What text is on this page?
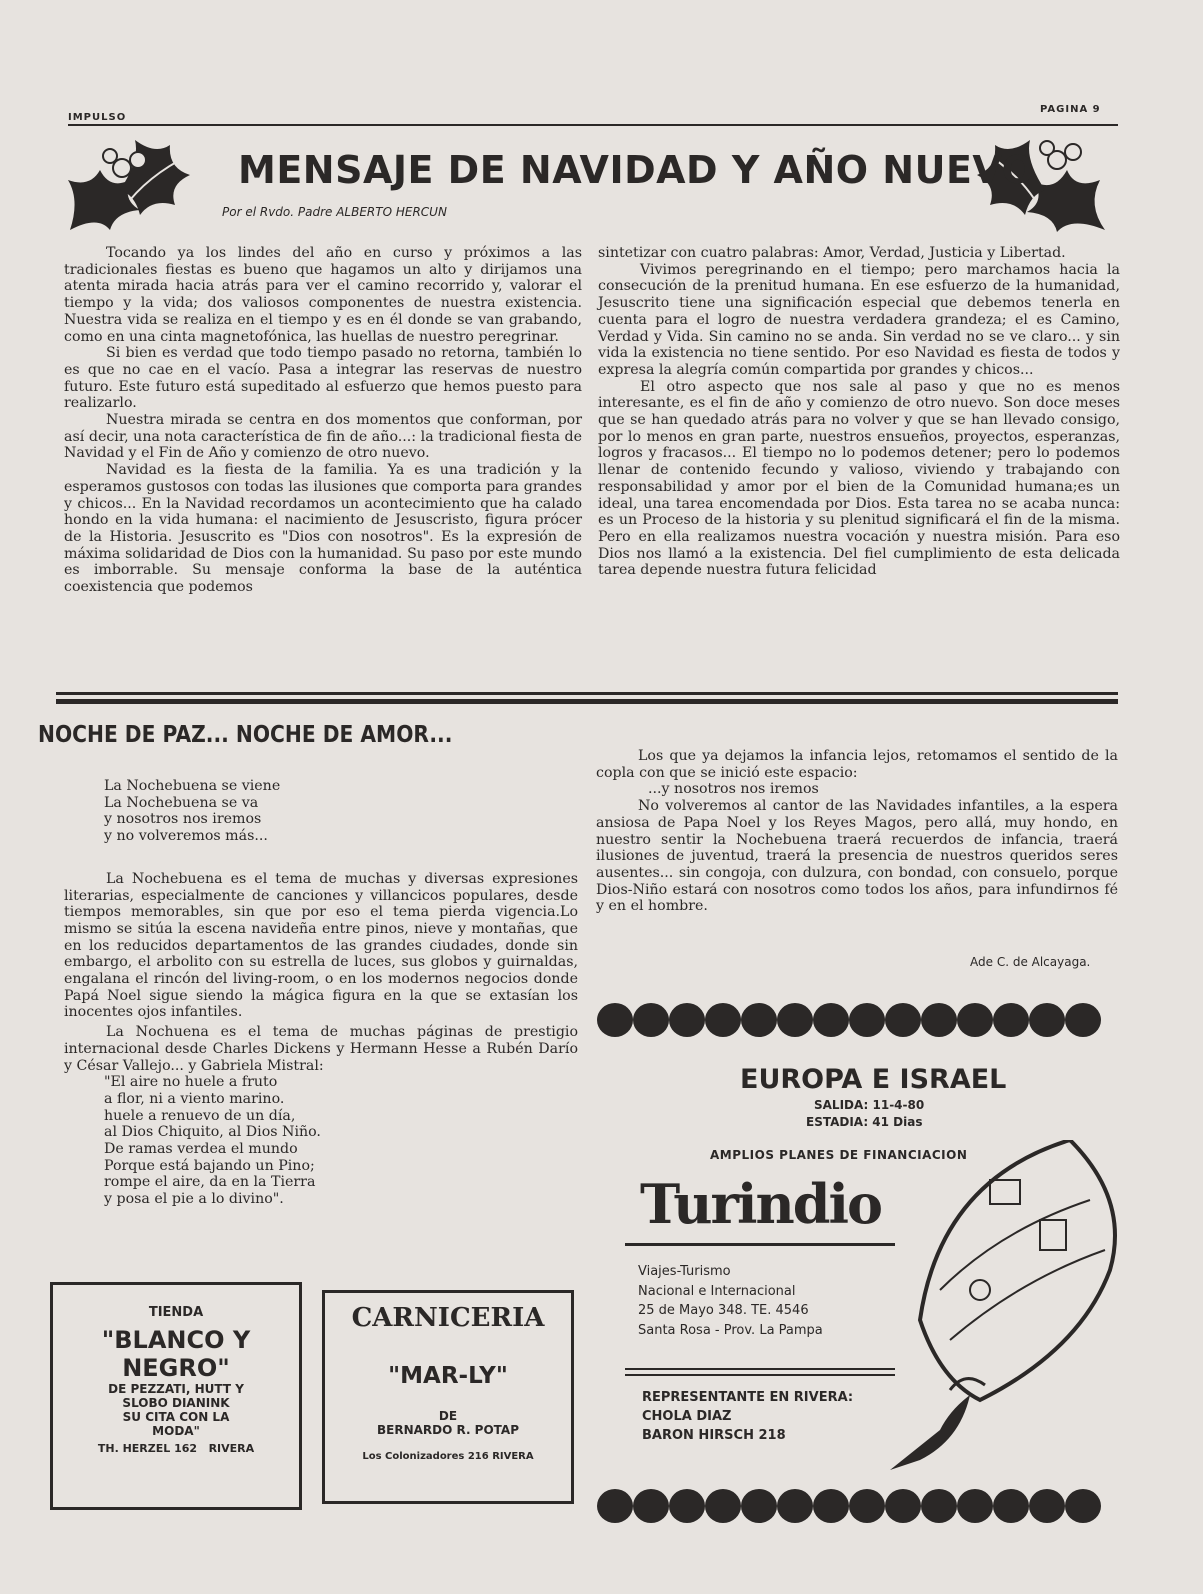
IMPULSO
PAGINA 9
MENSAJE DE NAVIDAD Y AÑO NUEVO
Por el Rvdo. Padre ALBERTO HERCUN

Tocando ya los lindes del año en curso y próximos a las tradicionales fiestas es bueno que hagamos un alto y dirijamos una atenta mirada hacia atrás para ver el camino recorrido y, valorar el tiempo y la vida; dos valiosos componentes de nuestra existencia. Nuestra vida se realiza en el tiempo y es en él donde se van grabando, como en una cinta magnetofónica, las huellas de nuestro peregrinar.

Si bien es verdad que todo tiempo pasado no retorna, también lo es que no cae en el vacío. Pasa a integrar las reservas de nuestro futuro. Este futuro está supeditado al esfuerzo que hemos puesto para realizarlo.

Nuestra mirada se centra en dos momentos que conforman, por así decir, una nota característica de fin de año...: la tradicional fiesta de Navidad y el Fin de Año y comienzo de otro nuevo.

Navidad es la fiesta de la familia. Ya es una tradición y la esperamos gustosos con todas las ilusiones que comporta para grandes y chicos... En la Navidad recordamos un acontecimiento que ha calado hondo en la vida humana: el nacimiento de Jesuscristo, figura prócer de la Historia. Jesuscrito es "Dios con nosotros". Es la expresión de máxima solidaridad de Dios con la humanidad. Su paso por este mundo es imborrable. Su mensaje conforma la base de la auténtica coexistencia que podemos

sintetizar con cuatro palabras: Amor, Verdad, Justicia y Libertad.

Vivimos peregrinando en el tiempo; pero marchamos hacia la consecución de la prenitud humana. En ese esfuerzo de la humanidad, Jesuscrito tiene una significación especial que debemos tenerla en cuenta para el logro de nuestra verdadera grandeza; el es Camino, Verdad y Vida. Sin camino no se anda. Sin verdad no se ve claro... y sin vida la existencia no tiene sentido. Por eso Navidad es fiesta de todos y expresa la alegría común compartida por grandes y chicos...

El otro aspecto que nos sale al paso y que no es menos interesante, es el fin de año y comienzo de otro nuevo. Son doce meses que se han quedado atrás para no volver y que se han llevado consigo, por lo menos en gran parte, nuestros ensueños, proyectos, esperanzas, logros y fracasos... El tiempo no lo podemos detener; pero lo podemos llenar de contenido fecundo y valioso, viviendo y trabajando con responsabilidad y amor por el bien de la Comunidad humana;es un ideal, una tarea encomendada por Dios. Esta tarea no se acaba nunca: es un Proceso de la historia y su plenitud significará el fin de la misma. Pero en ella realizamos nuestra vocación y nuestra misión. Para eso Dios nos llamó a la existencia. Del fiel cumplimiento de esta delicada tarea depende nuestra futura felicidad

NOCHE DE PAZ... NOCHE DE AMOR...
La Nochebuena se viene
La Nochebuena se va
y nosotros nos iremos
y no volveremos más...

La Nochebuena es el tema de muchas y diversas expresiones literarias, especialmente de canciones y villancicos populares, desde tiempos memorables, sin que por eso el tema pierda vigencia.Lo mismo se sitúa la escena navideña entre pinos, nieve y montañas, que en los reducidos departamentos de las grandes ciudades, donde sin embargo, el arbolito con su estrella de luces, sus globos y guirnaldas, engalana el rincón del living-room, o en los modernos negocios donde Papá Noel sigue siendo la mágica figura en la que se extasían los inocentes ojos infantiles.

La Nochuena es el tema de muchas páginas de prestigio internacional desde Charles Dickens y Hermann Hesse a Rubén Darío y César Vallejo... y Gabriela Mistral:

"El aire no huele a fruto
a flor, ni a viento marino.
huele a renuevo de un día,
al Dios Chiquito, al Dios Niño.
De ramas verdea el mundo
Porque está bajando un Pino;
rompe el aire, da en la Tierra
y posa el pie a lo divino".

Los que ya dejamos la infancia lejos, retomamos el sentido de la copla con que se inició este espacio:

...y nosotros nos iremos

No volveremos al cantor de las Navidades infantiles, a la espera ansiosa de Papa Noel y los Reyes Magos, pero allá, muy hondo, en nuestro sentir la Nochebuena traerá recuerdos de infancia, traerá ilusiones de juventud, traerá la presencia de nuestros queridos seres ausentes... sin congoja, con dulzura, con bondad, con consuelo, porque Dios-Niño estará con nosotros como todos los años, para infundirnos fé y en el hombre.

Ade C. de Alcayaga.
TIENDA
"BLANCO Y
NEGRO"
DE PEZZATI, HUTT Y
SLOBO DIANINK
SU CITA CON LA
MODA"
TH. HERZEL 162 RIVERA
CARNICERIA
"MAR-LY"
DE
BERNARDO R. POTAP
Los Colonizadores 216 RIVERA
EUROPA E ISRAEL
SALIDA: 11-4-80
ESTADIA: 41 Dias
AMPLIOS PLANES DE FINANCIACION
Turindio
Viajes-Turismo
Nacional e Internacional
25 de Mayo 348. TE. 4546
Santa Rosa - Prov. La Pampa
REPRESENTANTE EN RIVERA:
CHOLA DIAZ
BARON HIRSCH 218
